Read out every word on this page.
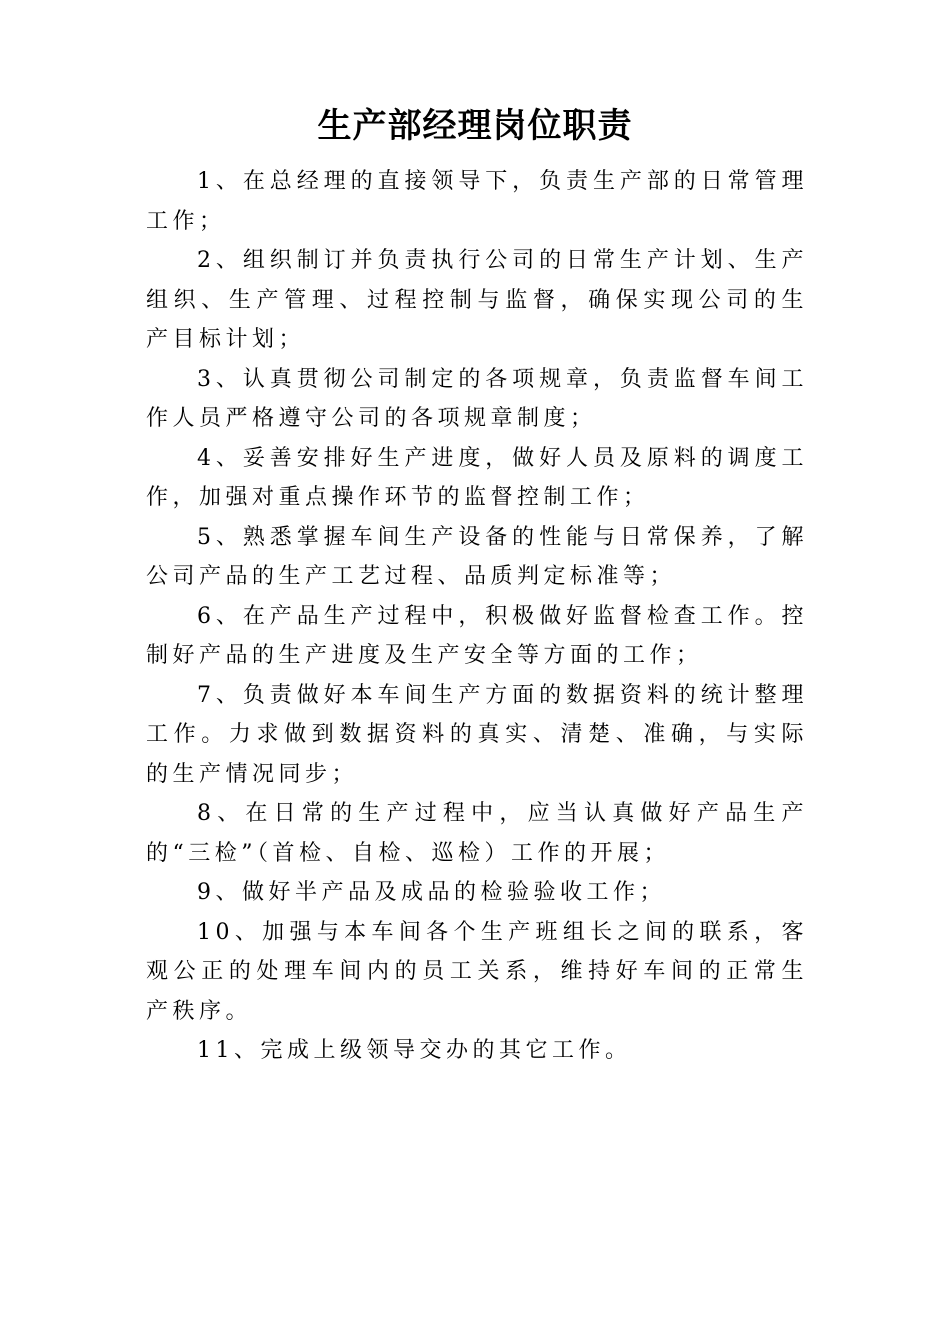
生产部经理岗位职责

1、在总经理的直接领导下，负责生产部的日常管理工作；

2、组织制订并负责执行公司的日常生产计划、生产组织、生产管理、过程控制与监督，确保实现公司的生产目标计划；

3、认真贯彻公司制定的各项规章，负责监督车间工作人员严格遵守公司的各项规章制度；

4、妥善安排好生产进度，做好人员及原料的调度工作，加强对重点操作环节的监督控制工作；

5、熟悉掌握车间生产设备的性能与日常保养，了解公司产品的生产工艺过程、品质判定标准等；

6、在产品生产过程中，积极做好监督检查工作。控制好产品的生产进度及生产安全等方面的工作；

7、负责做好本车间生产方面的数据资料的统计整理工作。力求做到数据资料的真实、清楚、准确，与实际的生产情况同步；

8、在日常的生产过程中，应当认真做好产品生产的“三检”（首检、自检、巡检）工作的开展；

9、做好半产品及成品的检验验收工作；

10、加强与本车间各个生产班组长之间的联系，客观公正的处理车间内的员工关系，维持好车间的正常生产秩序。

11、完成上级领导交办的其它工作。
